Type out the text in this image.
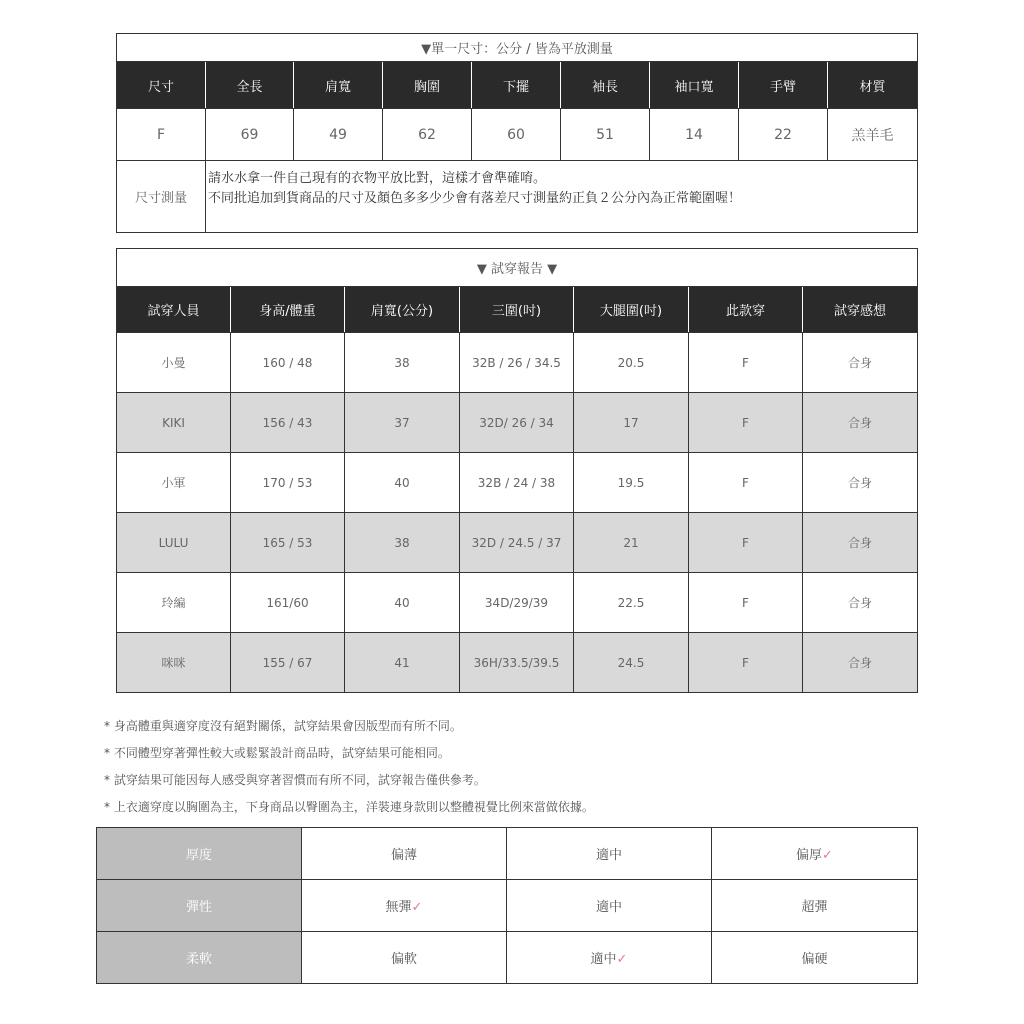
▼單一尺寸：公分 / 皆為平放測量								
尺寸	全長	肩寬	胸圍	下擺	袖長	袖口寬	手臂	材質
F	69	49	62	60	51	14	22	羔羊毛
尺寸測量	請水水拿一件自己現有的衣物平放比對，這樣才會準確唷。
不同批追加到貨商品的尺寸及顏色多多少少會有落差尺寸測量約正負２公分內為正常範圍喔！							
▼ 試穿報告 ▼						
試穿人員	身高/體重	肩寬(公分)	三圍(吋)	大腿圍(吋)	此款穿	試穿感想
小曼	160 / 48	38	32B / 26 / 34.5	20.5	F	合身
KIKI	156 / 43	37	32D/ 26 / 34	17	F	合身
小軍	170 / 53	40	32B / 24 / 38	19.5	F	合身
LULU	165 / 53	38	32D / 24.5 / 37	21	F	合身
玲編	161/60	40	34D/29/39	22.5	F	合身
咪咪	155 / 67	41	36H/33.5/39.5	24.5	F	合身
* 身高體重與適穿度沒有絕對關係，試穿結果會因版型而有所不同。
* 不同體型穿著彈性較大或鬆緊設計商品時，試穿結果可能相同。
* 試穿結果可能因每人感受與穿著習慣而有所不同，試穿報告僅供參考。
* 上衣適穿度以胸圍為主，下身商品以臀圍為主，洋裝連身款則以整體視覺比例來當做依據。
厚度	偏薄	適中	偏厚✓
彈性	無彈✓	適中	超彈
柔軟	偏軟	適中✓	偏硬
